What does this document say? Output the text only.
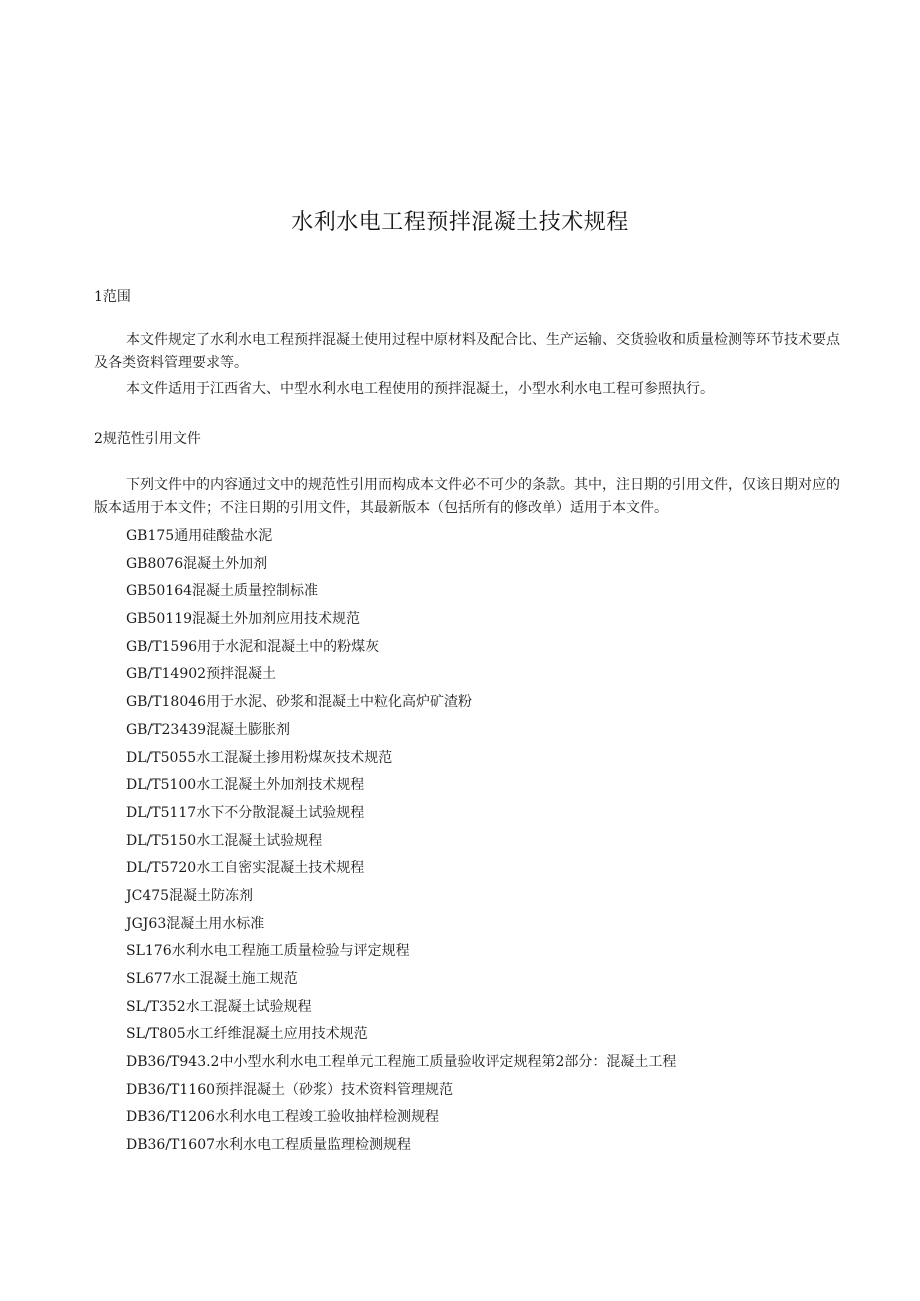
水利水电工程预拌混凝土技术规程
1范围
本文件规定了水利水电工程预拌混凝土使用过程中原材料及配合比、生产运输、交货验收和质量检测等环节技术要点及各类资料管理要求等。
本文件适用于江西省大、中型水利水电工程使用的预拌混凝土，小型水利水电工程可参照执行。
2规范性引用文件
下列文件中的内容通过文中的规范性引用而构成本文件必不可少的条款。其中，注日期的引用文件，仅该日期对应的版本适用于本文件；不注日期的引用文件，其最新版本（包括所有的修改单）适用于本文件。
GB175通用硅酸盐水泥
GB8076混凝土外加剂
GB50164混凝土质量控制标准
GB50119混凝土外加剂应用技术规范
GB/T1596用于水泥和混凝土中的粉煤灰
GB/T14902预拌混凝土
GB/T18046用于水泥、砂浆和混凝土中粒化高炉矿渣粉
GB/T23439混凝土膨胀剂
DL/T5055水工混凝土掺用粉煤灰技术规范
DL/T5100水工混凝土外加剂技术规程
DL/T5117水下不分散混凝土试验规程
DL/T5150水工混凝土试验规程
DL/T5720水工自密实混凝土技术规程
JC475混凝土防冻剂
JGJ63混凝土用水标准
SL176水利水电工程施工质量检验与评定规程
SL677水工混凝土施工规范
SL/T352水工混凝土试验规程
SL/T805水工纤维混凝土应用技术规范
DB36/T943.2中小型水利水电工程单元工程施工质量验收评定规程第2部分：混凝土工程
DB36/T1160预拌混凝土（砂浆）技术资料管理规范
DB36/T1206水利水电工程竣工验收抽样检测规程
DB36/T1607水利水电工程质量监理检测规程
